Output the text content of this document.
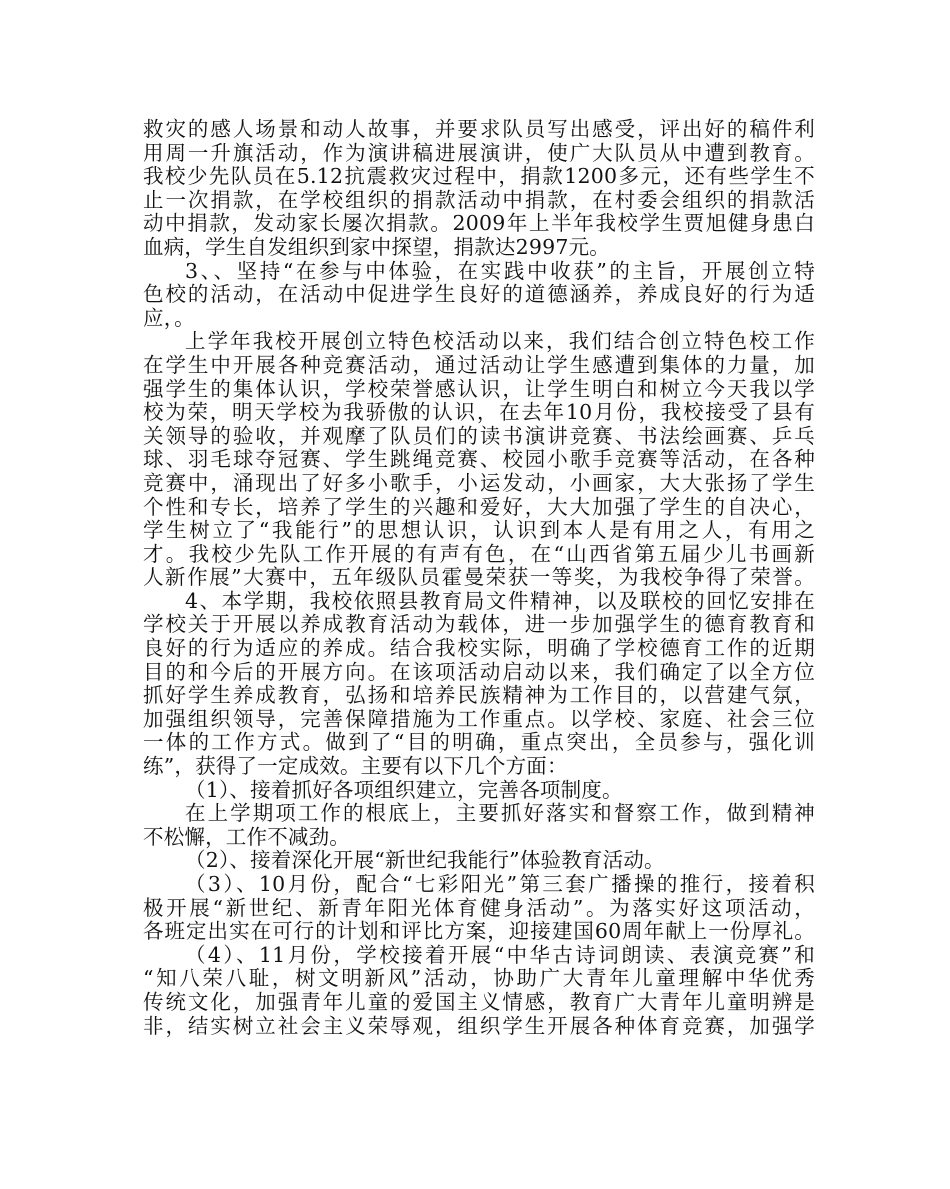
救灾的感人场景和动人故事，并要求队员写出感受，评出好的稿件利
用周一升旗活动，作为演讲稿进展演讲，使广大队员从中遭到教育。
我校少先队员在5.12抗震救灾过程中，捐款1200多元，还有些学生不
止一次捐款，在学校组织的捐款活动中捐款，在村委会组织的捐款活
动中捐款，发动家长屡次捐款。2009年上半年我校学生贾旭健身患白
血病，学生自发组织到家中探望，捐款达2997元。
3、、坚持“在参与中体验，在实践中收获”的主旨，开展创立特
色校的活动，在活动中促进学生良好的道德涵养，养成良好的行为适
应，。
上学年我校开展创立特色校活动以来，我们结合创立特色校工作
在学生中开展各种竞赛活动，通过活动让学生感遭到集体的力量，加
强学生的集体认识，学校荣誉感认识，让学生明白和树立今天我以学
校为荣，明天学校为我骄傲的认识，在去年10月份，我校接受了县有
关领导的验收，并观摩了队员们的读书演讲竞赛、书法绘画赛、乒乓
球、羽毛球夺冠赛、学生跳绳竞赛、校园小歌手竞赛等活动，在各种
竞赛中，涌现出了好多小歌手，小运发动，小画家，大大张扬了学生
个性和专长，培养了学生的兴趣和爱好，大大加强了学生的自决心，
学生树立了“我能行”的思想认识，认识到本人是有用之人，有用之
才。我校少先队工作开展的有声有色，在“山西省第五届少儿书画新
人新作展”大赛中，五年级队员霍曼荣获一等奖，为我校争得了荣誉。
4、本学期，我校依照县教育局文件精神，以及联校的回忆安排在
学校关于开展以养成教育活动为载体，进一步加强学生的德育教育和
良好的行为适应的养成。结合我校实际，明确了学校德育工作的近期
目的和今后的开展方向。在该项活动启动以来，我们确定了以全方位
抓好学生养成教育，弘扬和培养民族精神为工作目的，以营建气氛，
加强组织领导，完善保障措施为工作重点。以学校、家庭、社会三位
一体的工作方式。做到了“目的明确，重点突出，全员参与，强化训
练”，获得了一定成效。主要有以下几个方面：
（1）、接着抓好各项组织建立，完善各项制度。
在上学期项工作的根底上，主要抓好落实和督察工作，做到精神
不松懈，工作不减劲。
（2）、接着深化开展“新世纪我能行”体验教育活动。
（3）、10月份，配合“七彩阳光”第三套广播操的推行，接着积
极开展“新世纪、新青年阳光体育健身活动”。为落实好这项活动，
各班定出实在可行的计划和评比方案，迎接建国60周年献上一份厚礼。
（4）、11月份，学校接着开展“中华古诗词朗读、表演竞赛”和
“知八荣八耻，树文明新风”活动，协助广大青年儿童理解中华优秀
传统文化，加强青年儿童的爱国主义情感，教育广大青年儿童明辨是
非，结实树立社会主义荣辱观，组织学生开展各种体育竞赛，加强学
